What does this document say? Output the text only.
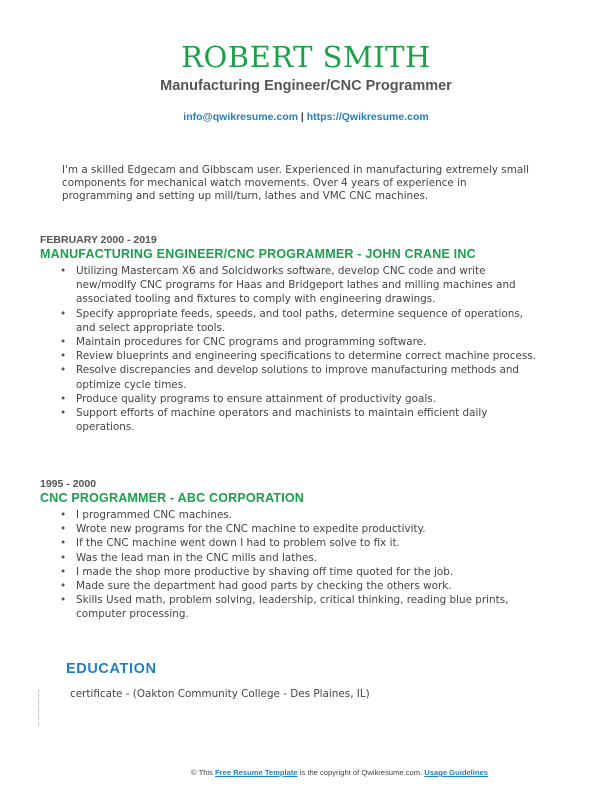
ROBERT SMITH
Manufacturing Engineer/CNC Programmer
info@qwikresume.com | https://Qwikresume.com
I'm a skilled Edgecam and Gibbscam user. Experienced in manufacturing extremely small components for mechanical watch movements. Over 4 years of experience in programming and setting up mill/turn, lathes and VMC CNC machines.
FEBRUARY 2000 - 2019
MANUFACTURING ENGINEER/CNC PROGRAMMER - JOHN CRANE INC
• Utilizing Mastercam X6 and Solcidworks software, develop CNC code and write new/modify CNC programs for Haas and Bridgeport lathes and milling machines and associated tooling and fixtures to comply with engineering drawings.
• Specify appropriate feeds, speeds, and tool paths, determine sequence of operations, and select appropriate tools.
• Maintain procedures for CNC programs and programming software.
• Review blueprints and engineering specifications to determine correct machine process.
• Resolve discrepancies and develop solutions to improve manufacturing methods and optimize cycle times.
• Produce quality programs to ensure attainment of productivity goals.
• Support efforts of machine operators and machinists to maintain efficient daily operations.
1995 - 2000
CNC PROGRAMMER - ABC CORPORATION
• I programmed CNC machines.
• Wrote new programs for the CNC machine to expedite productivity.
• If the CNC machine went down I had to problem solve to fix it.
• Was the lead man in the CNC mills and lathes.
• I made the shop more productive by shaving off time quoted for the job.
• Made sure the department had good parts by checking the others work.
• Skills Used math, problem solving, leadership, critical thinking, reading blue prints, computer processing.
EDUCATION
certificate - (Oakton Community College - Des Plaines, IL)
© This Free Resume Template is the copyright of Qwikresume.com. Usage Guidelines
